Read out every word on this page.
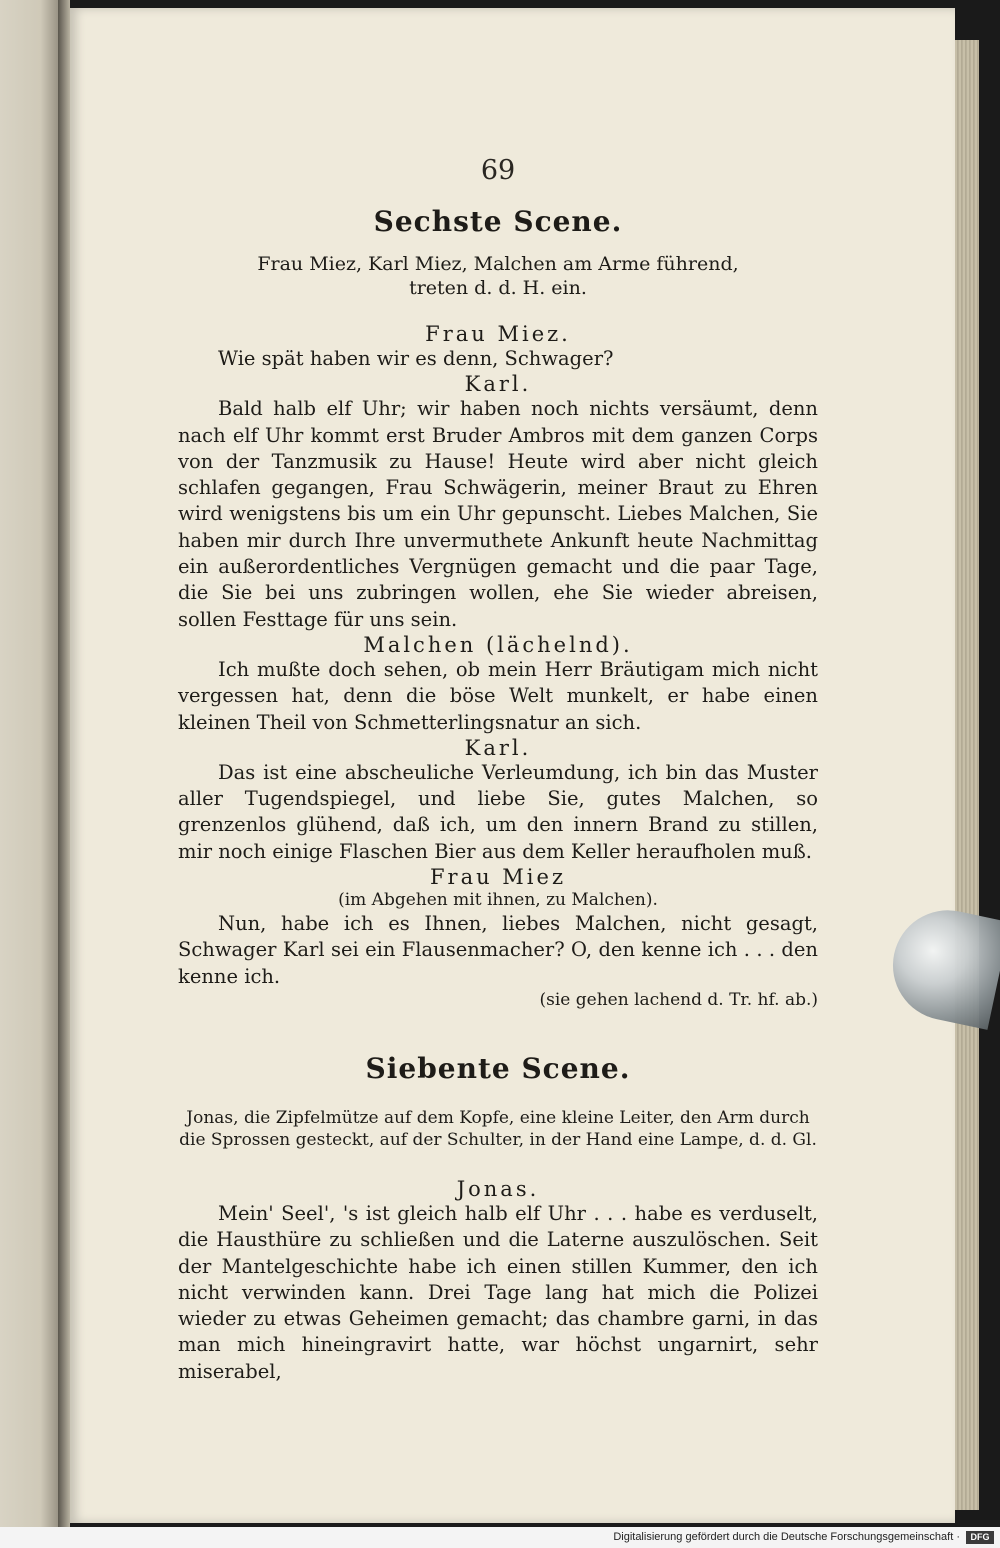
69
Sechste Scene.

Frau Miez, Karl Miez, Malchen am Arme führend,

treten d. d. H. ein.

Frau Miez.

Wie spät haben wir es denn, Schwager?

Karl.

Bald halb elf Uhr; wir haben noch nichts versäumt, denn nach elf Uhr kommt erst Bruder Ambros mit dem ganzen Corps von der Tanzmusik zu Hause! Heute wird aber nicht gleich schlafen gegangen, Frau Schwägerin, meiner Braut zu Ehren wird wenigstens bis um ein Uhr gepunscht. Liebes Malchen, Sie haben mir durch Ihre unvermuthete Ankunft heute Nachmittag ein außerordentliches Vergnügen gemacht und die paar Tage, die Sie bei uns zubringen wollen, ehe Sie wieder abreisen, sollen Festtage für uns sein.

Malchen (lächelnd).

Ich mußte doch sehen, ob mein Herr Bräutigam mich nicht vergessen hat, denn die böse Welt munkelt, er habe einen kleinen Theil von Schmetterlingsnatur an sich.

Karl.

Das ist eine abscheuliche Verleumdung, ich bin das Muster aller Tugendspiegel, und liebe Sie, gutes Malchen, so grenzenlos glühend, daß ich, um den innern Brand zu stillen, mir noch einige Flaschen Bier aus dem Keller heraufholen muß.

Frau Miez

(im Abgehen mit ihnen, zu Malchen).

Nun, habe ich es Ihnen, liebes Malchen, nicht gesagt, Schwager Karl sei ein Flausenmacher? O, den kenne ich . . . den kenne ich.

(sie gehen lachend d. Tr. hf. ab.)

Siebente Scene.

Jonas, die Zipfelmütze auf dem Kopfe, eine kleine Leiter, den Arm durch die Sprossen gesteckt, auf der Schulter, in der Hand eine Lampe, d. d. Gl.

Jonas.

Mein' Seel', 's ist gleich halb elf Uhr . . . habe es verduselt, die Hausthüre zu schließen und die Laterne auszulöschen. Seit der Mantelgeschichte habe ich einen stillen Kummer, den ich nicht verwinden kann. Drei Tage lang hat mich die Polizei wieder zu etwas Geheimen gemacht; das chambre garni, in das man mich hineingravirt hatte, war höchst ungarnirt, sehr miserabel,

Digitalisierung gefördert durch die Deutsche Forschungsgemeinschaft ·	DFG
